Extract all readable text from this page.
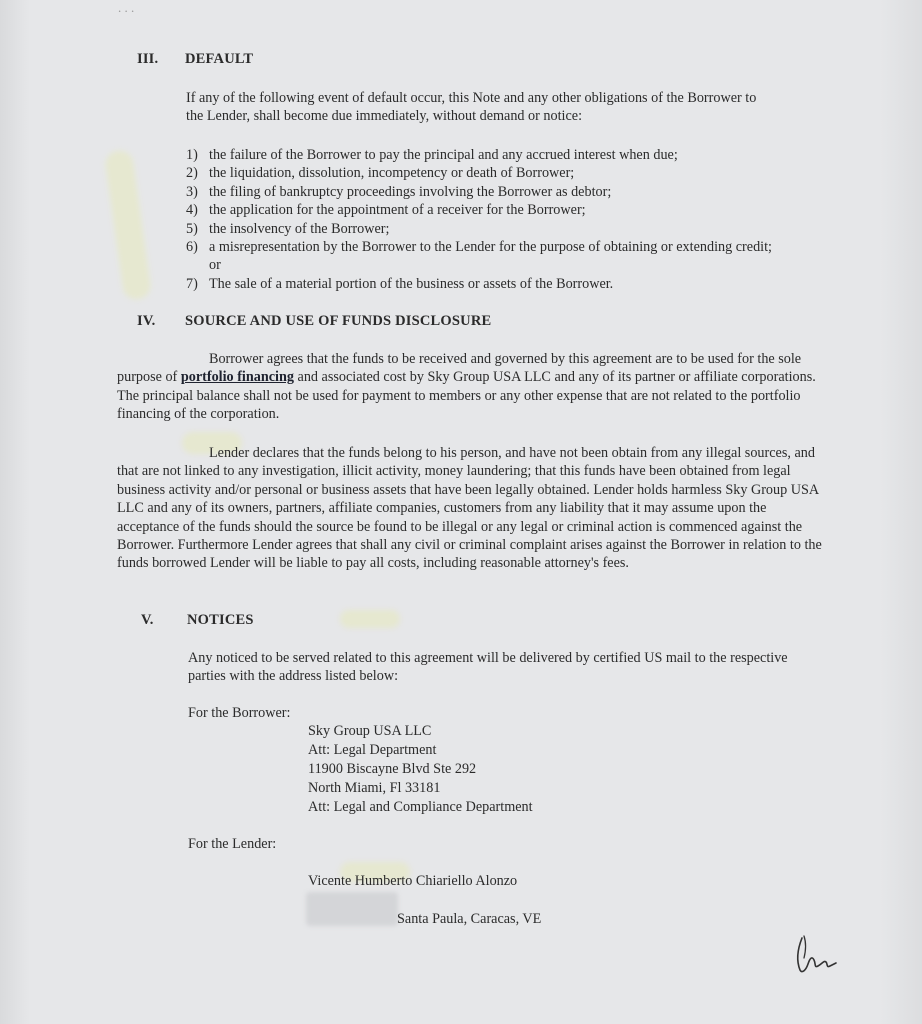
. . .
III. DEFAULT

If any of the following event of default occur, this Note and any other obligations of the Borrower to the Lender, shall become due immediately, without demand or notice:

1) the failure of the Borrower to pay the principal and any accrued interest when due;
2) the liquidation, dissolution, incompetency or death of Borrower;
3) the filing of bankruptcy proceedings involving the Borrower as debtor;
4) the application for the appointment of a receiver for the Borrower;
5) the insolvency of the Borrower;
6) a misrepresentation by the Borrower to the Lender for the purpose of obtaining or extending credit; or
7) The sale of a material portion of the business or assets of the Borrower.
IV. SOURCE AND USE OF FUNDS DISCLOSURE

Borrower agrees that the funds to be received and governed by this agreement are to be used for the sole purpose of portfolio financing and associated cost by Sky Group USA LLC and any of its partner or affiliate corporations. The principal balance shall not be used for payment to members or any other expense that are not related to the portfolio financing of the corporation.

Lender declares that the funds belong to his person, and have not been obtain from any illegal sources, and that are not linked to any investigation, illicit activity, money laundering; that this funds have been obtained from legal business activity and/or personal or business assets that have been legally obtained. Lender holds harmless Sky Group USA LLC and any of its owners, partners, affiliate companies, customers from any liability that it may assume upon the acceptance of the funds should the source be found to be illegal or any legal or criminal action is commenced against the Borrower. Furthermore Lender agrees that shall any civil or criminal complaint arises against the Borrower in relation to the funds borrowed Lender will be liable to pay all costs, including reasonable attorney's fees.

V. NOTICES

Any noticed to be served related to this agreement will be delivered by certified US mail to the respective parties with the address listed below:

For the Borrower:
Sky Group USA LLC
Att: Legal Department
11900 Biscayne Blvd Ste 292
North Miami, Fl 33181
Att: Legal and Compliance Department
For the Lender:
Vicente Humberto Chiariello Alonzo
Santa Paula, Caracas, VE
